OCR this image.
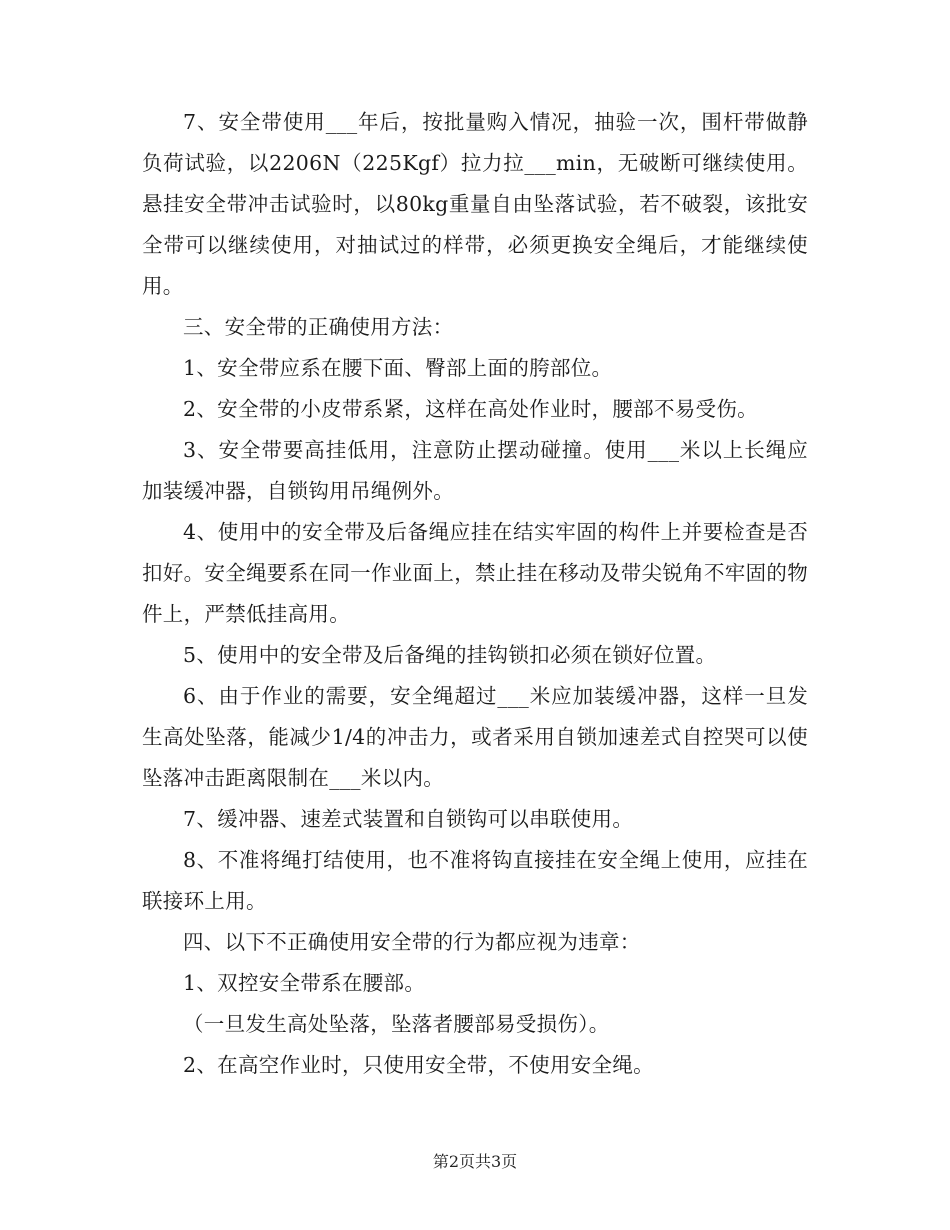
7、安全带使用___年后，按批量购入情况，抽验一次，围杆带做静负荷试验，以2206N（225Kgf）拉力拉___min，无破断可继续使用。悬挂安全带冲击试验时，以80kg重量自由坠落试验，若不破裂，该批安全带可以继续使用，对抽试过的样带，必须更换安全绳后，才能继续使用。

三、安全带的正确使用方法：

1、安全带应系在腰下面、臀部上面的胯部位。

2、安全带的小皮带系紧，这样在高处作业时，腰部不易受伤。

3、安全带要高挂低用，注意防止摆动碰撞。使用___米以上长绳应加装缓冲器，自锁钩用吊绳例外。

4、使用中的安全带及后备绳应挂在结实牢固的构件上并要检查是否扣好。安全绳要系在同一作业面上，禁止挂在移动及带尖锐角不牢固的物件上，严禁低挂高用。

5、使用中的安全带及后备绳的挂钩锁扣必须在锁好位置。

6、由于作业的需要，安全绳超过___米应加装缓冲器，这样一旦发生高处坠落，能减少1/4的冲击力，或者采用自锁加速差式自控哭可以使坠落冲击距离限制在___米以内。

7、缓冲器、速差式装置和自锁钩可以串联使用。

8、不准将绳打结使用，也不准将钩直接挂在安全绳上使用，应挂在联接环上用。

四、以下不正确使用安全带的行为都应视为违章：

1、双控安全带系在腰部。

（一旦发生高处坠落，坠落者腰部易受损伤）。

2、在高空作业时，只使用安全带，不使用安全绳。

第2页共3页
